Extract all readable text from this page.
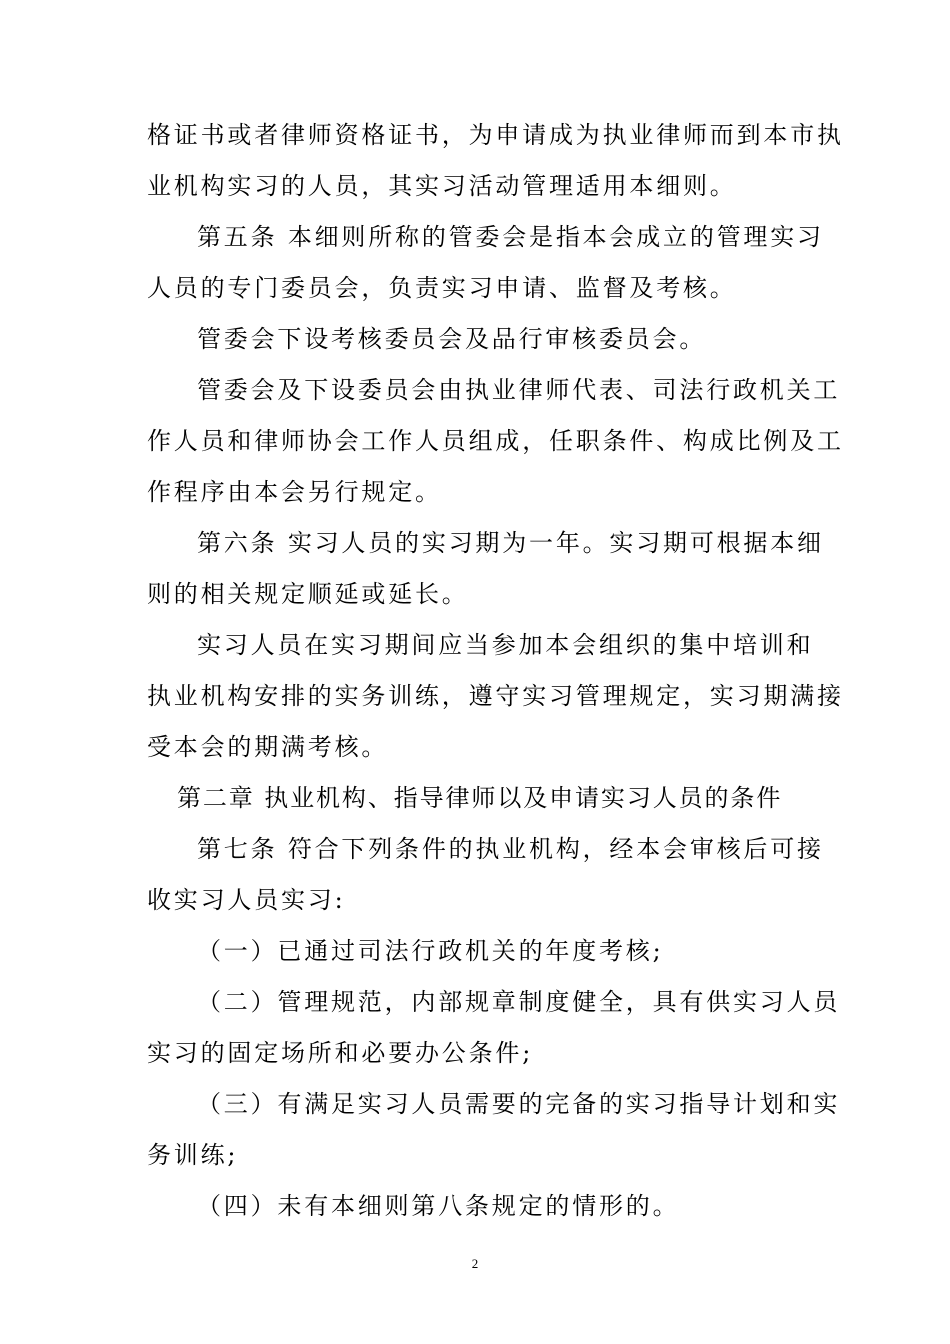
格证书或者律师资格证书，为申请成为执业律师而到本市执

业机构实习的人员，其实习活动管理适用本细则。

第五条 本细则所称的管委会是指本会成立的管理实习

人员的专门委员会，负责实习申请、监督及考核。

管委会下设考核委员会及品行审核委员会。

管委会及下设委员会由执业律师代表、司法行政机关工

作人员和律师协会工作人员组成，任职条件、构成比例及工

作程序由本会另行规定。

第六条 实习人员的实习期为一年。实习期可根据本细

则的相关规定顺延或延长。

实习人员在实习期间应当参加本会组织的集中培训和

执业机构安排的实务训练，遵守实习管理规定，实习期满接

受本会的期满考核。

第二章 执业机构、指导律师以及申请实习人员的条件

第七条 符合下列条件的执业机构，经本会审核后可接

收实习人员实习:

（一）已通过司法行政机关的年度考核;

（二）管理规范，内部规章制度健全，具有供实习人员

实习的固定场所和必要办公条件;

（三）有满足实习人员需要的完备的实习指导计划和实

务训练;

（四）未有本细则第八条规定的情形的。

2
